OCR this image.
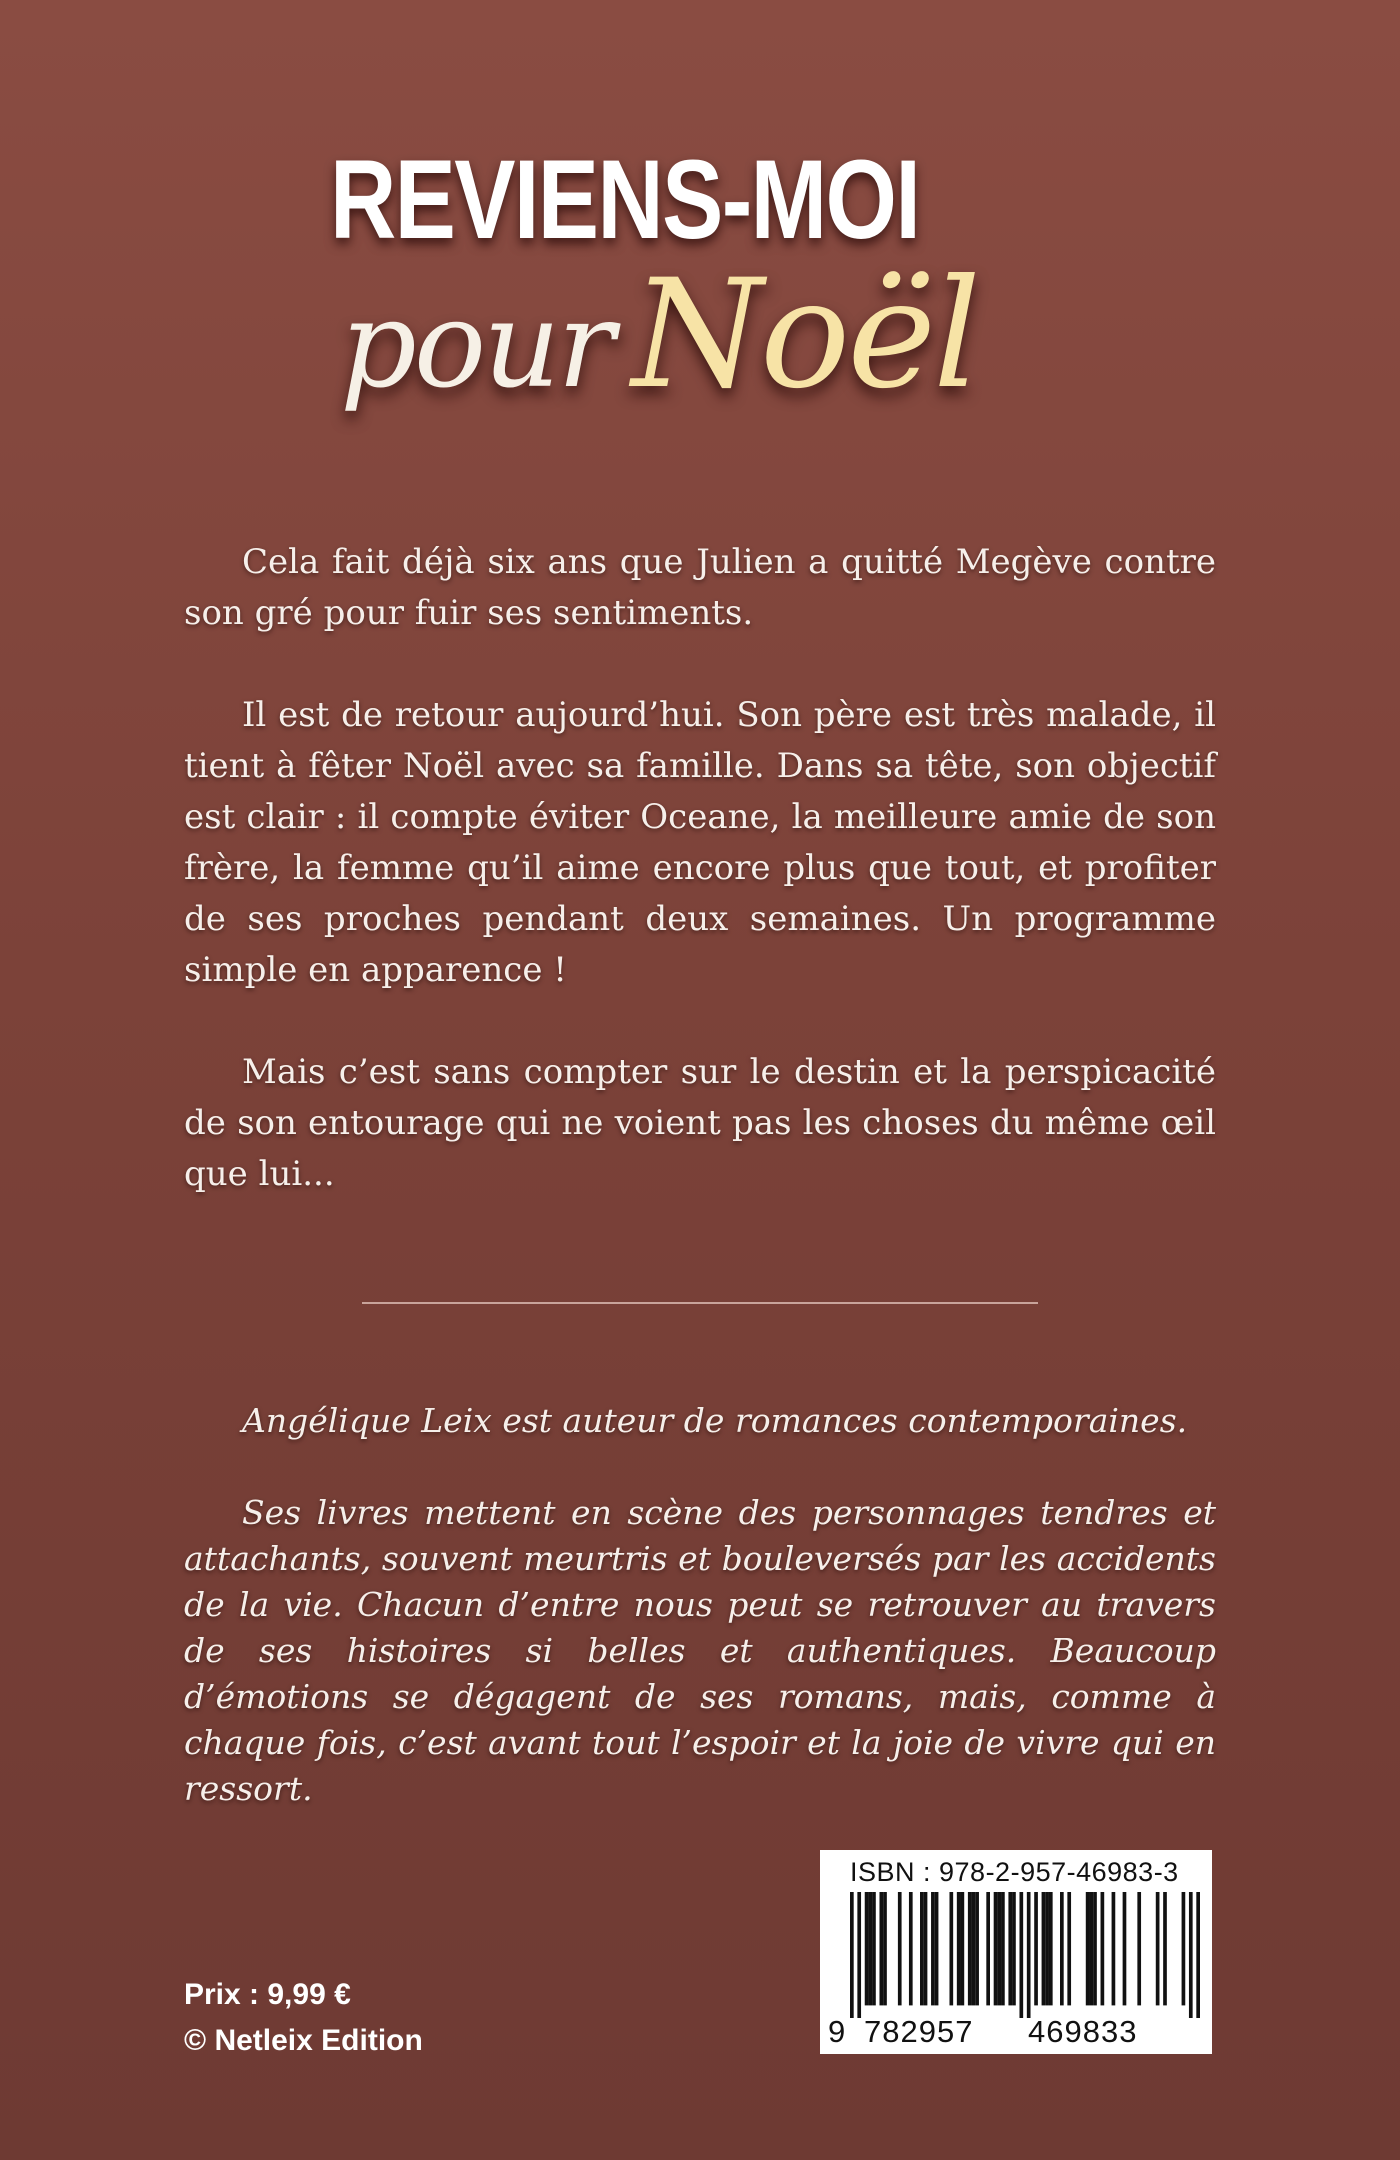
REVIENS-MOI
pour Noël

Cela fait déjà six ans que Julien a quitté Megève contre son gré pour fuir ses sentiments.

Il est de retour aujourd’hui. Son père est très malade, il tient à fêter Noël avec sa famille. Dans sa tête, son objectif est clair : il compte éviter Oceane, la meilleure amie de son frère, la femme qu’il aime encore plus que tout, et profiter de ses proches pendant deux semaines. Un programme simple en apparence !

Mais c’est sans compter sur le destin et la perspicacité de son entourage qui ne voient pas les choses du même œil que lui...

Angélique Leix est auteur de romances contemporaines.

Ses livres mettent en scène des personnages tendres et attachants, souvent meurtris et bouleversés par les accidents de la vie. Chacun d’entre nous peut se retrouver au travers de ses histoires si belles et authentiques. Beaucoup d’émotions se dégagent de ses romans, mais, comme à chaque fois, c’est avant tout l’espoir et la joie de vivre qui en ressort.

Prix : 9,99 €
© Netleix Edition
ISBN : 978-2-957-46983-3
9 782957 469833
